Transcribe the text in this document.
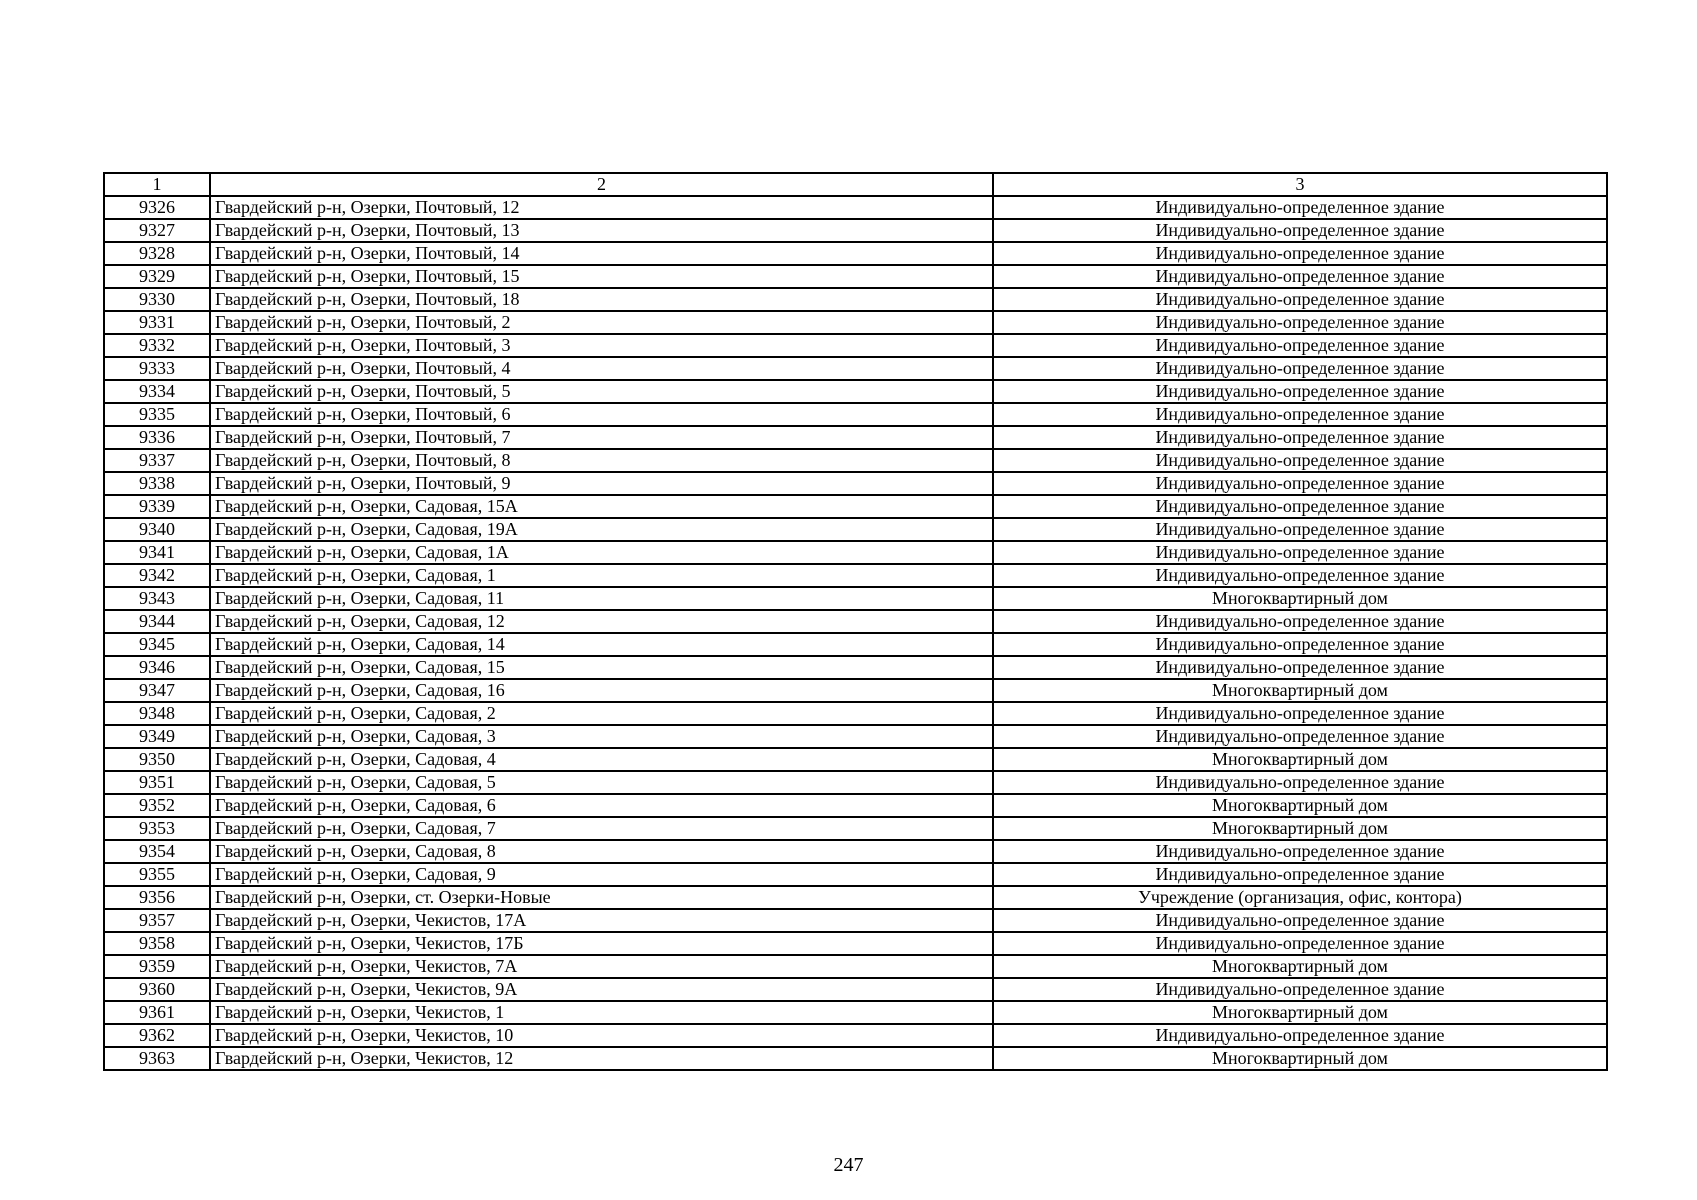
1	2	3
9326	Гвардейский р-н, Озерки, Почтовый, 12	Индивидуально-определенное здание
9327	Гвардейский р-н, Озерки, Почтовый, 13	Индивидуально-определенное здание
9328	Гвардейский р-н, Озерки, Почтовый, 14	Индивидуально-определенное здание
9329	Гвардейский р-н, Озерки, Почтовый, 15	Индивидуально-определенное здание
9330	Гвардейский р-н, Озерки, Почтовый, 18	Индивидуально-определенное здание
9331	Гвардейский р-н, Озерки, Почтовый, 2	Индивидуально-определенное здание
9332	Гвардейский р-н, Озерки, Почтовый, 3	Индивидуально-определенное здание
9333	Гвардейский р-н, Озерки, Почтовый, 4	Индивидуально-определенное здание
9334	Гвардейский р-н, Озерки, Почтовый, 5	Индивидуально-определенное здание
9335	Гвардейский р-н, Озерки, Почтовый, 6	Индивидуально-определенное здание
9336	Гвардейский р-н, Озерки, Почтовый, 7	Индивидуально-определенное здание
9337	Гвардейский р-н, Озерки, Почтовый, 8	Индивидуально-определенное здание
9338	Гвардейский р-н, Озерки, Почтовый, 9	Индивидуально-определенное здание
9339	Гвардейский р-н, Озерки, Садовая, 15А	Индивидуально-определенное здание
9340	Гвардейский р-н, Озерки, Садовая, 19А	Индивидуально-определенное здание
9341	Гвардейский р-н, Озерки, Садовая, 1А	Индивидуально-определенное здание
9342	Гвардейский р-н, Озерки, Садовая, 1	Индивидуально-определенное здание
9343	Гвардейский р-н, Озерки, Садовая, 11	Многоквартирный дом
9344	Гвардейский р-н, Озерки, Садовая, 12	Индивидуально-определенное здание
9345	Гвардейский р-н, Озерки, Садовая, 14	Индивидуально-определенное здание
9346	Гвардейский р-н, Озерки, Садовая, 15	Индивидуально-определенное здание
9347	Гвардейский р-н, Озерки, Садовая, 16	Многоквартирный дом
9348	Гвардейский р-н, Озерки, Садовая, 2	Индивидуально-определенное здание
9349	Гвардейский р-н, Озерки, Садовая, 3	Индивидуально-определенное здание
9350	Гвардейский р-н, Озерки, Садовая, 4	Многоквартирный дом
9351	Гвардейский р-н, Озерки, Садовая, 5	Индивидуально-определенное здание
9352	Гвардейский р-н, Озерки, Садовая, 6	Многоквартирный дом
9353	Гвардейский р-н, Озерки, Садовая, 7	Многоквартирный дом
9354	Гвардейский р-н, Озерки, Садовая, 8	Индивидуально-определенное здание
9355	Гвардейский р-н, Озерки, Садовая, 9	Индивидуально-определенное здание
9356	Гвардейский р-н, Озерки, ст. Озерки-Новые	Учреждение (организация, офис, контора)
9357	Гвардейский р-н, Озерки, Чекистов, 17А	Индивидуально-определенное здание
9358	Гвардейский р-н, Озерки, Чекистов, 17Б	Индивидуально-определенное здание
9359	Гвардейский р-н, Озерки, Чекистов, 7А	Многоквартирный дом
9360	Гвардейский р-н, Озерки, Чекистов, 9А	Индивидуально-определенное здание
9361	Гвардейский р-н, Озерки, Чекистов, 1	Многоквартирный дом
9362	Гвардейский р-н, Озерки, Чекистов, 10	Индивидуально-определенное здание
9363	Гвардейский р-н, Озерки, Чекистов, 12	Многоквартирный дом
247
